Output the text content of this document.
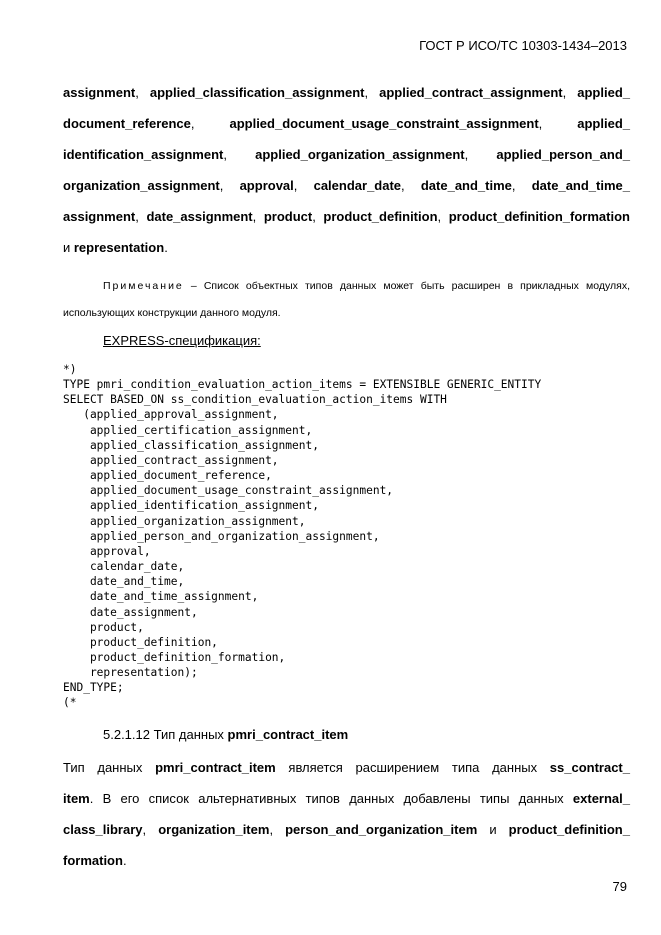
ГОСТ Р ИСО/ТС 10303-1434–2013

assignment, applied_classification_assignment, applied_contract_assignment, applied_
document_reference, applied_document_usage_constraint_assignment, applied_
identification_assignment, applied_organization_assignment, applied_person_and_
organization_assignment, approval, calendar_date, date_and_time, date_and_time_
assignment, date_assignment, product, product_definition, product_definition_formation
и representation.

Примечание – Список объектных типов данных может быть расширен в прикладных модулях,
использующих конструкции данного модуля.
EXPRESS-спецификация:
*)
TYPE pmri_condition_evaluation_action_items = EXTENSIBLE GENERIC_ENTITY
SELECT BASED_ON ss_condition_evaluation_action_items WITH
(applied_approval_assignment,
applied_certification_assignment,
applied_classification_assignment,
applied_contract_assignment,
applied_document_reference,
applied_document_usage_constraint_assignment,
applied_identification_assignment,
applied_organization_assignment,
applied_person_and_organization_assignment,
approval,
calendar_date,
date_and_time,
date_and_time_assignment,
date_assignment,
product,
product_definition,
product_definition_formation,
representation);
END_TYPE;
(*
5.2.1.12 Тип данных pmri_contract_item

Тип данных pmri_contract_item является расширением типа данных ss_contract_
item. В его список альтернативных типов данных добавлены типы данных external_
class_library, organization_item, person_and_organization_item и product_definition_
formation.

79
